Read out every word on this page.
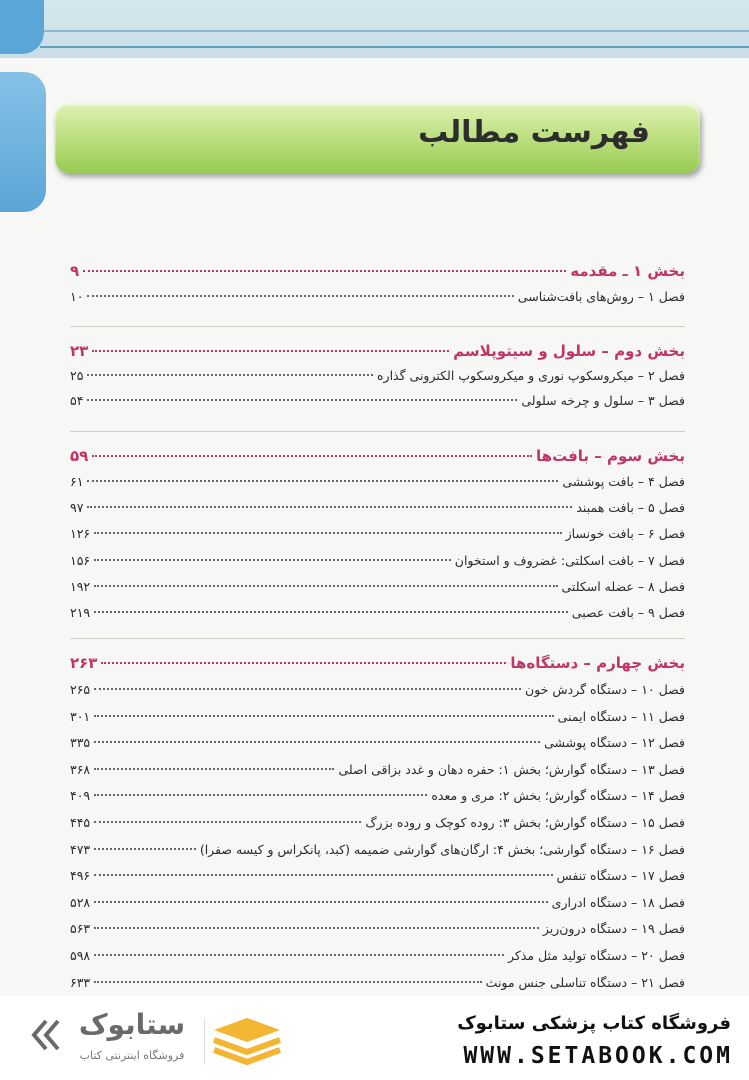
فهرست مطالب
بخش ۱ ـ مقدمه
۹
فصل ۱ – روش‌های بافت‌شناسی
۱۰
بخش دوم – سلول و سیتوپلاسم
۲۳
فصل ۲ – میکروسکوپ نوری و میکروسکوپ الکترونی گذاره
۲۵
فصل ۳ – سلول و چرخه سلولی
۵۴
بخش سوم – بافت‌ها
۵۹
فصل ۴ – بافت پوششی
۶۱
فصل ۵ – بافت همبند
۹۷
فصل ۶ – بافت خونساز
۱۲۶
فصل ۷ – بافت اسکلتی: غضروف و استخوان
۱۵۶
فصل ۸ – عضله اسکلتی
۱۹۲
فصل ۹ – بافت عصبی
۲۱۹
بخش چهارم – دستگاه‌ها
۲۶۳
فصل ۱۰ – دستگاه گردش خون
۲۶۵
فصل ۱۱ – دستگاه ایمنی
۳۰۱
فصل ۱۲ – دستگاه پوششی
۳۳۵
فصل ۱۳ – دستگاه گوارش؛ بخش ۱: حفره دهان و غدد بزاقی اصلی
۳۶۸
فصل ۱۴ – دستگاه گوارش؛ بخش ۲: مری و معده
۴۰۹
فصل ۱۵ – دستگاه گوارش؛ بخش ۳: روده کوچک و روده بزرگ
۴۴۵
فصل ۱۶ – دستگاه گوارشی؛ بخش ۴: ارگان‌های گوارشی ضمیمه (کبد، پانکراس و کیسه صفرا)
۴۷۳
فصل ۱۷ – دستگاه تنفس
۴۹۶
فصل ۱۸ – دستگاه ادراری
۵۲۸
فصل ۱۹ – دستگاه درون‌ریز
۵۶۳
فصل ۲۰ – دستگاه تولید مثل مذکر
۵۹۸
فصل ۲۱ – دستگاه تناسلی جنس مونث
۶۳۳
ستابوک
فروشگاه اینترنتی کتاب
فروشگاه کتاب پزشکی ستابوک
WWW.SETABOOK.COM
